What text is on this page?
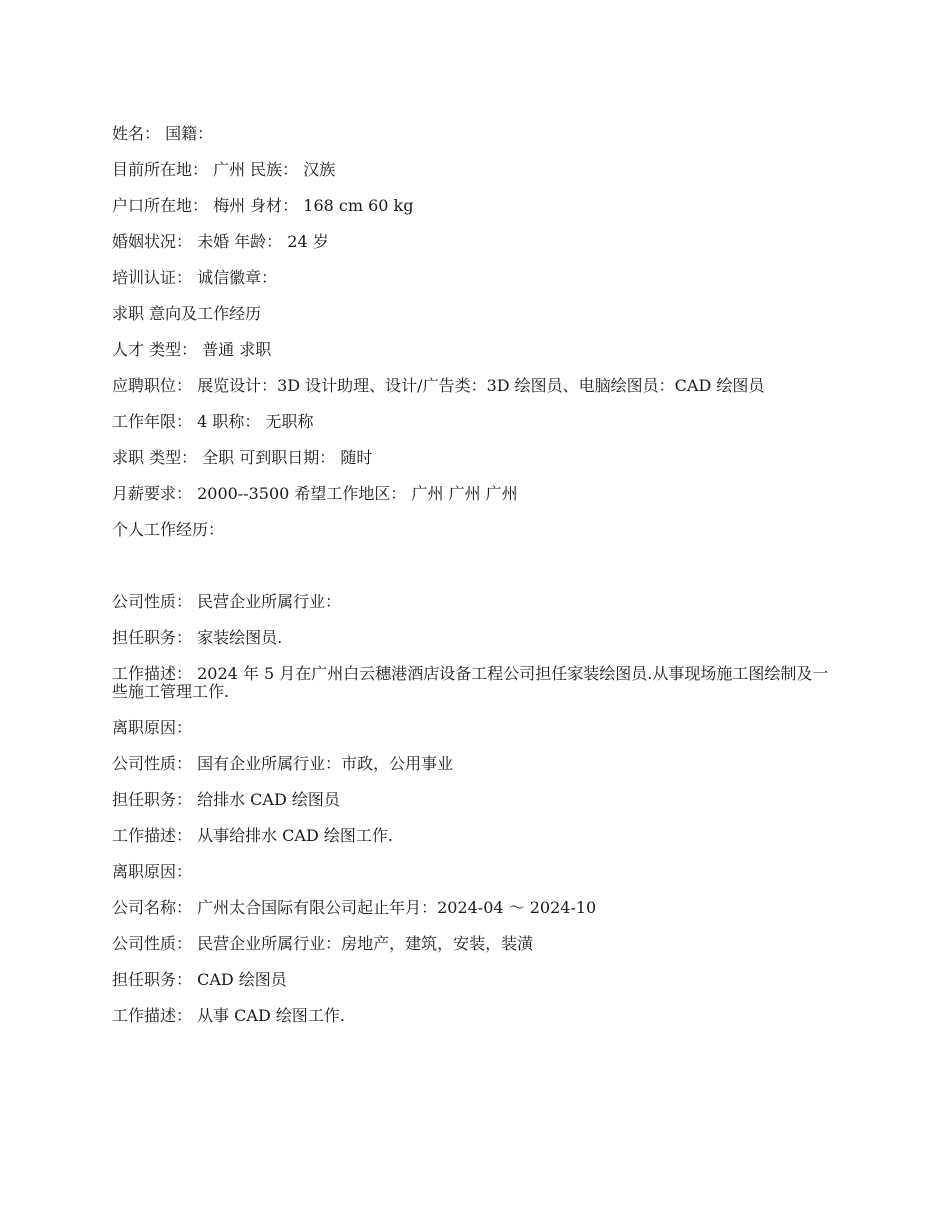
姓名： 国籍：

目前所在地： 广州 民族： 汉族

户口所在地： 梅州 身材： 168 cm 60 kg

婚姻状况： 未婚 年龄： 24 岁

培训认证： 诚信徽章：

求职 意向及工作经历

人才 类型： 普通 求职

应聘职位： 展览设计：3D 设计助理、设计/广告类：3D 绘图员、电脑绘图员：CAD 绘图员

工作年限： 4 职称： 无职称

求职 类型： 全职 可到职日期： 随时

月薪要求： 2000--3500 希望工作地区： 广州 广州 广州

个人工作经历：

公司性质： 民营企业所属行业：

担任职务： 家装绘图员.

工作描述： 2024 年 5 月在广州白云穗港酒店设备工程公司担任家装绘图员.从事现场施工图绘制及一些施工管理工作.

离职原因：

公司性质： 国有企业所属行业：市政，公用事业

担任职务： 给排水 CAD 绘图员

工作描述： 从事给排水 CAD 绘图工作.

离职原因：

公司名称： 广州太合国际有限公司起止年月：2024-04 ～ 2024-10

公司性质： 民营企业所属行业：房地产，建筑，安装，装潢

担任职务： CAD 绘图员

工作描述： 从事 CAD 绘图工作.
